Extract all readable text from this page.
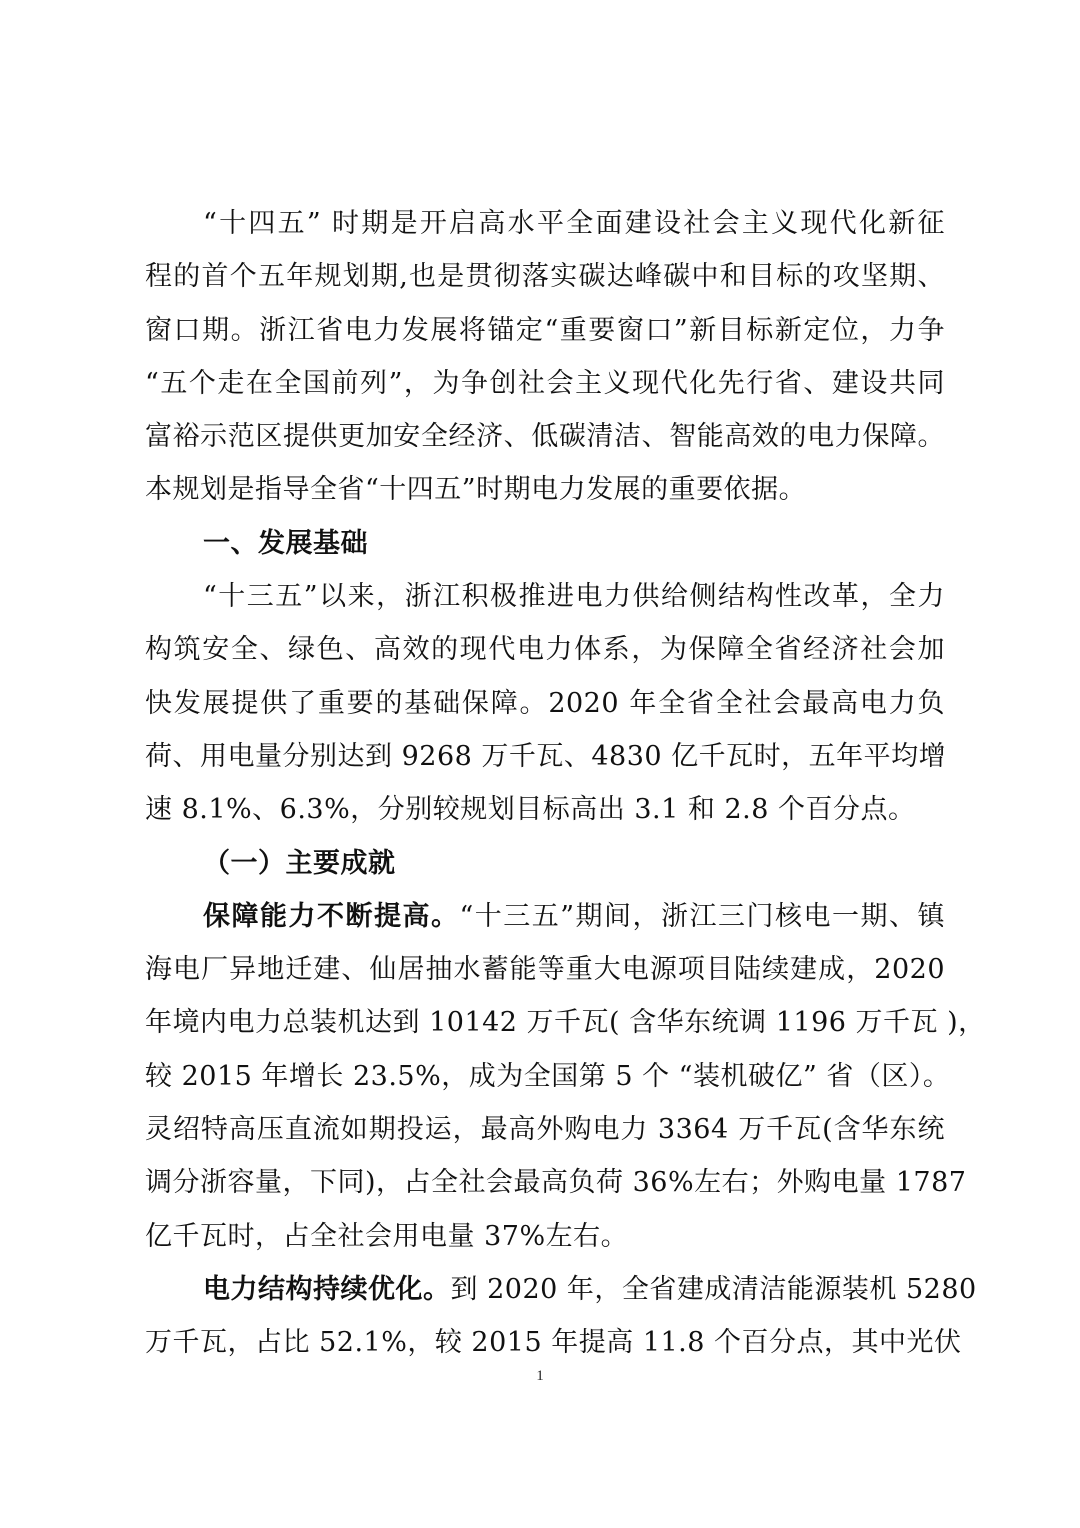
“十四五” 时期是开启高水平全面建设社会主义现代化新征
程的首个五年规划期,也是贯彻落实碳达峰碳中和目标的攻坚期、
窗口期。浙江省电力发展将锚定“重要窗口”新目标新定位，力争
“五个走在全国前列”，为争创社会主义现代化先行省、建设共同
富裕示范区提供更加安全经济、低碳清洁、智能高效的电力保障。
本规划是指导全省“十四五”时期电力发展的重要依据。
一、发展基础
“十三五”以来，浙江积极推进电力供给侧结构性改革，全力
构筑安全、绿色、高效的现代电力体系，为保障全省经济社会加
快发展提供了重要的基础保障。2020 年全省全社会最高电力负
荷、用电量分别达到 9268 万千瓦、4830 亿千瓦时，五年平均增
速 8.1%、6.3%，分别较规划目标高出 3.1 和 2.8 个百分点。
（一）主要成就
保障能力不断提高。“十三五”期间，浙江三门核电一期、镇
海电厂异地迁建、仙居抽水蓄能等重大电源项目陆续建成，2020
年境内电力总装机达到 10142 万千瓦( 含华东统调 1196 万千瓦 )，
较 2015 年增长 23.5%，成为全国第 5 个 “装机破亿” 省（区）。
灵绍特高压直流如期投运，最高外购电力 3364 万千瓦(含华东统
调分浙容量，下同)，占全社会最高负荷 36%左右；外购电量 1787
亿千瓦时，占全社会用电量 37%左右。
电力结构持续优化。到 2020 年，全省建成清洁能源装机 5280
万千瓦，占比 52.1%，较 2015 年提高 11.8 个百分点，其中光伏
1
